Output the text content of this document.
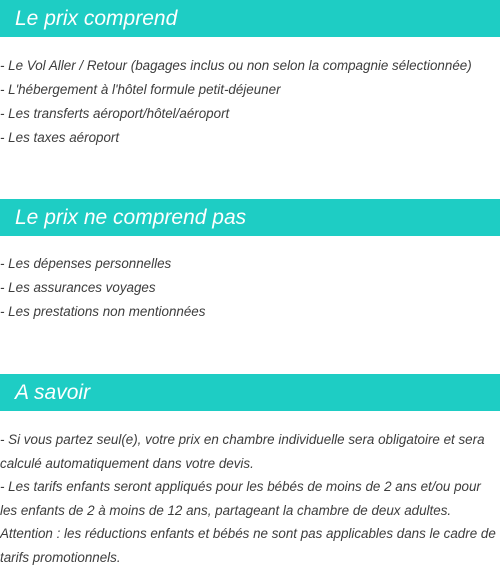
Le prix comprend
- Le Vol Aller / Retour (bagages inclus ou non selon la compagnie sélectionnée)
- L'hébergement à l'hôtel formule petit-déjeuner
- Les transferts aéroport/hôtel/aéroport
- Les taxes aéroport
Le prix ne comprend pas
- Les dépenses personnelles
- Les assurances voyages
- Les prestations non mentionnées
A savoir

- Si vous partez seul(e), votre prix en chambre individuelle sera obligatoire et sera calculé automatiquement dans votre devis.

- Les tarifs enfants seront appliqués pour les bébés de moins de 2 ans et/ou pour les enfants de 2 à moins de 12 ans, partageant la chambre de deux adultes.

Attention : les réductions enfants et bébés ne sont pas applicables dans le cadre de tarifs promotionnels.
